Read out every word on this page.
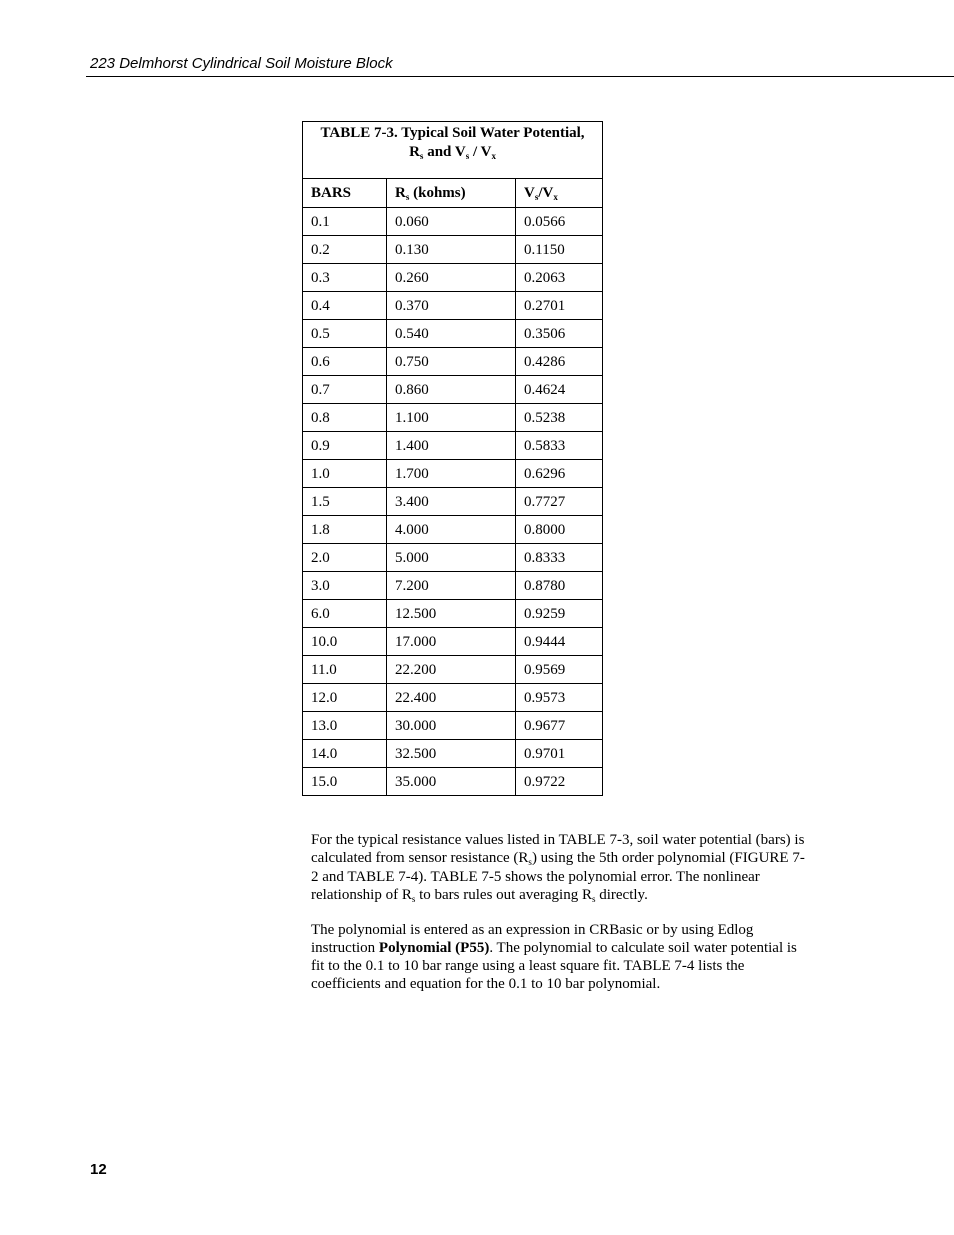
223 Delmhorst Cylindrical Soil Moisture Block
TABLE 7-3. Typical Soil Water Potential,
$R_s$ and $V_s / V_x$
BARS	$R_s$ (kohms)	$V_s/V_x$
0.1	0.060	0.0566
0.2	0.130	0.1150
0.3	0.260	0.2063
0.4	0.370	0.2701
0.5	0.540	0.3506
0.6	0.750	0.4286
0.7	0.860	0.4624
0.8	1.100	0.5238
0.9	1.400	0.5833
1.0	1.700	0.6296
1.5	3.400	0.7727
1.8	4.000	0.8000
2.0	5.000	0.8333
3.0	7.200	0.8780
6.0	12.500	0.9259
10.0	17.000	0.9444
11.0	22.200	0.9569
12.0	22.400	0.9573
13.0	30.000	0.9677
14.0	32.500	0.9701
15.0	35.000	0.9722

For the typical resistance values listed in TABLE 7-3, soil water potential (bars) is calculated from sensor resistance $(R_s)$ using the 5th order polynomial (FIGURE 7-2 and TABLE 7-4). TABLE 7-5 shows the polynomial error. The nonlinear relationship of $R_s$ to bars rules out averaging $R_s$ directly.

The polynomial is entered as an expression in CRBasic or by using Edlog instruction Polynomial (P55). The polynomial to calculate soil water potential is fit to the 0.1 to 10 bar range using a least square fit. TABLE 7-4 lists the coefficients and equation for the 0.1 to 10 bar polynomial.

12
